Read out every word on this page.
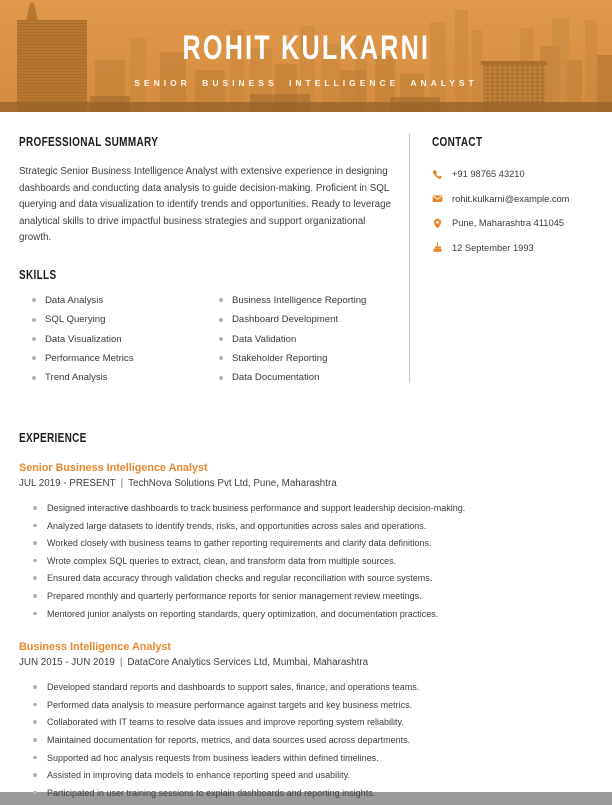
ROHIT KULKARNI
SENIOR BUSINESS INTELLIGENCE ANALYST
PROFESSIONAL SUMMARY

Strategic Senior Business Intelligence Analyst with extensive experience in designing dashboards and conducting data analysis to guide decision-making. Proficient in SQL querying and data visualization to identify trends and opportunities. Ready to leverage analytical skills to drive impactful business strategies and support organizational growth.

SKILLS
Data Analysis
SQL Querying
Data Visualization
Performance Metrics
Trend Analysis
Business Intelligence Reporting
Dashboard Development
Data Validation
Stakeholder Reporting
Data Documentation
CONTACT
+91 98765 43210
rohit.kulkarni@example.com
Pune, Maharashtra 411045
12 September 1993
EXPERIENCE
Senior Business Intelligence Analyst
JUL 2019 - PRESENT | TechNova Solutions Pvt Ltd, Pune, Maharashtra
Designed interactive dashboards to track business performance and support leadership decision-making.
Analyzed large datasets to identify trends, risks, and opportunities across sales and operations.
Worked closely with business teams to gather reporting requirements and clarify data definitions.
Wrote complex SQL queries to extract, clean, and transform data from multiple sources.
Ensured data accuracy through validation checks and regular reconciliation with source systems.
Prepared monthly and quarterly performance reports for senior management review meetings.
Mentored junior analysts on reporting standards, query optimization, and documentation practices.
Business Intelligence Analyst
JUN 2015 - JUN 2019 | DataCore Analytics Services Ltd, Mumbai, Maharashtra
Developed standard reports and dashboards to support sales, finance, and operations teams.
Performed data analysis to measure performance against targets and key business metrics.
Collaborated with IT teams to resolve data issues and improve reporting system reliability.
Maintained documentation for reports, metrics, and data sources used across departments.
Supported ad hoc analysis requests from business leaders within defined timelines.
Assisted in improving data models to enhance reporting speed and usability.
Participated in user training sessions to explain dashboards and reporting insights.
